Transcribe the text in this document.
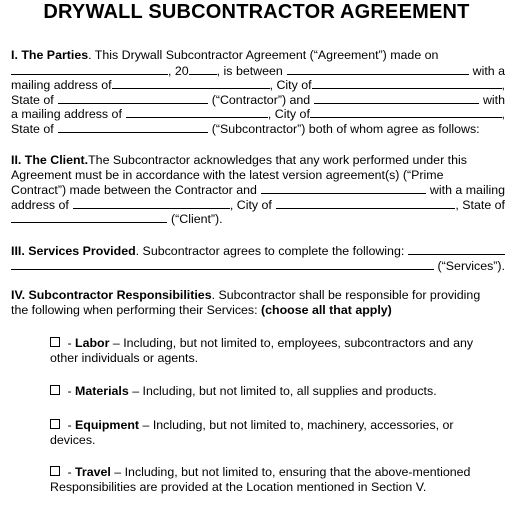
DRYWALL SUBCONTRACTOR AGREEMENT
I. The Parties . This Drywall Subcontractor Agreement (“Agreement”) made on
, 20 , is between	with a
mailing address of	, City of	,
State of	(“Contractor”) and	with
a mailing address of	, City of	,
State of	(“Subcontractor”) both of whom agree as follows:
II. The Client. The Subcontractor acknowledges that any work performed under this
Agreement must be in accordance with the latest version agreement(s) (“Prime
Contract”) made between the Contractor and	with a mailing
address of	, City of	, State of
(“Client”).
III. Services Provided . Subcontractor agrees to complete the following:
(“Services”).
IV. Subcontractor Responsibilities . Subcontractor shall be responsible for providing
the following when performing their Services: (choose all that apply)
- Labor – Including, but not limited to, employees, subcontractors and any other individuals or agents.
- Materials – Including, but not limited to, all supplies and products.
- Equipment – Including, but not limited to, machinery, accessories, or devices.
- Travel – Including, but not limited to, ensuring that the above-mentioned Responsibilities are provided at the Location mentioned in Section V.
